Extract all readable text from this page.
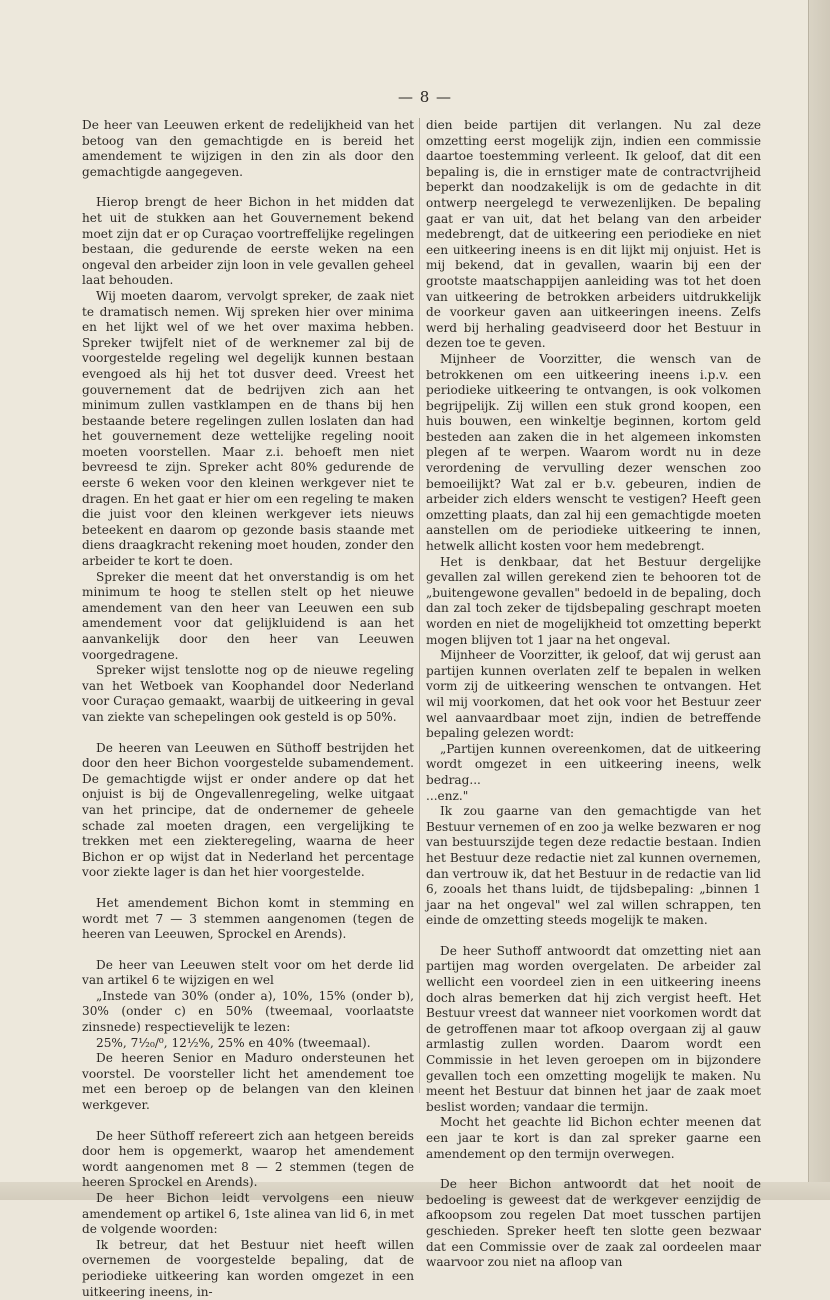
— 8 —

De heer van Leeuwen erkent de redelijkheid van het betoog van den gemachtigde en is bereid het amendement te wijzigen in den zin als door den gemachtigde aangegeven.

Hierop brengt de heer Bichon in het midden dat het uit de stukken aan het Gouvernement bekend moet zijn dat er op Curaçao voortreffelijke regelingen bestaan, die gedurende de eerste weken na een ongeval den arbeider zijn loon in vele gevallen geheel laat behouden.

Wij moeten daarom, vervolgt spreker, de zaak niet te dramatisch nemen. Wij spreken hier over minima en het lijkt wel of we het over maxima hebben. Spreker twijfelt niet of de werknemer zal bij de voorgestelde regeling wel degelijk kunnen bestaan evengoed als hij het tot dusver deed. Vreest het gouvernement dat de bedrijven zich aan het minimum zullen vastklampen en de thans bij hen bestaande betere regelingen zullen loslaten dan had het gouvernement deze wettelijke regeling nooit moeten voorstellen. Maar z.i. behoeft men niet bevreesd te zijn. Spreker acht 80% gedurende de eerste 6 weken voor den kleinen werkgever niet te dragen. En het gaat er hier om een regeling te maken die juist voor den kleinen werkgever iets nieuws beteekent en daarom op gezonde basis staande met diens draagkracht rekening moet houden, zonder den arbeider te kort te doen.

Spreker die meent dat het onverstandig is om het minimum te hoog te stellen stelt op het nieuwe amendement van den heer van Leeuwen een sub amendement voor dat gelijkluidend is aan het aanvankelijk door den heer van Leeuwen voorgedragene.

Spreker wijst tenslotte nog op de nieuwe regeling van het Wetboek van Koophandel door Nederland voor Curaçao gemaakt, waarbij de uitkeering in geval van ziekte van schepelingen ook gesteld is op 50%.

De heeren van Leeuwen en Süthoff bestrijden het door den heer Bichon voorgestelde subamendement. De gemachtigde wijst er onder andere op dat het onjuist is bij de Ongevallenregeling, welke uitgaat van het principe, dat de ondernemer de geheele schade zal moeten dragen, een vergelijking te trekken met een ziekteregeling, waarna de heer Bichon er op wijst dat in Nederland het percentage voor ziekte lager is dan het hier voorgestelde.

Het amendement Bichon komt in stemming en wordt met 7 — 3 stemmen aangenomen (tegen de heeren van Leeuwen, Sprockel en Arends).

De heer van Leeuwen stelt voor om het derde lid van artikel 6 te wijzigen en wel

„Instede van 30% (onder a), 10%, 15% (onder b), 30% (onder c) en 50% (tweemaal, voorlaatste zinsnede) respectievelijk te lezen:

25%, 7½₀/⁰, 12½%, 25% en 40% (tweemaal).

De heeren Senior en Maduro ondersteunen het voorstel. De voorsteller licht het amendement toe met een beroep op de belangen van den kleinen werkgever.

De heer Süthoff refereert zich aan hetgeen bereids door hem is opgemerkt, waarop het amendement wordt aangenomen met 8 — 2 stemmen (tegen de heeren Sprockel en Arends).

De heer Bichon leidt vervolgens een nieuw amendement op artikel 6, 1ste alinea van lid 6, in met de volgende woorden:

Ik betreur, dat het Bestuur niet heeft willen overnemen de voorgestelde bepaling, dat de periodieke uitkeering kan worden omgezet in een uitkeering ineens, in-

dien beide partijen dit verlangen. Nu zal deze omzetting eerst mogelijk zijn, indien een commissie daartoe toestemming verleent. Ik geloof, dat dit een bepaling is, die in ernstiger mate de contractvrijheid beperkt dan noodzakelijk is om de gedachte in dit ontwerp neergelegd te verwezenlijken. De bepaling gaat er van uit, dat het belang van den arbeider medebrengt, dat de uitkeering een periodieke en niet een uitkeering ineens is en dit lijkt mij onjuist. Het is mij bekend, dat in gevallen, waarin bij een der grootste maatschappijen aanleiding was tot het doen van uitkeering de betrokken arbeiders uitdrukkelijk de voorkeur gaven aan uitkeeringen ineens. Zelfs werd bij herhaling geadviseerd door het Bestuur in dezen toe te geven.

Mijnheer de Voorzitter, die wensch van de betrokkenen om een uitkeering ineens i.p.v. een periodieke uitkeering te ontvangen, is ook volkomen begrijpelijk. Zij willen een stuk grond koopen, een huis bouwen, een winkeltje beginnen, kortom geld besteden aan zaken die in het algemeen inkomsten plegen af te werpen. Waarom wordt nu in deze verordening de vervulling dezer wenschen zoo bemoeilijkt? Wat zal er b.v. gebeuren, indien de arbeider zich elders wenscht te vestigen? Heeft geen omzetting plaats, dan zal hij een gemachtigde moeten aanstellen om de periodieke uitkeering te innen, hetwelk allicht kosten voor hem medebrengt.

Het is denkbaar, dat het Bestuur dergelijke gevallen zal willen gerekend zien te behooren tot de „buitengewone gevallen" bedoeld in de bepaling, doch dan zal toch zeker de tijdsbepaling geschrapt moeten worden en niet de mogelijkheid tot omzetting beperkt mogen blijven tot 1 jaar na het ongeval.

Mijnheer de Voorzitter, ik geloof, dat wij gerust aan partijen kunnen overlaten zelf te bepalen in welken vorm zij de uitkeering wenschen te ontvangen. Het wil mij voorkomen, dat het ook voor het Bestuur zeer wel aanvaardbaar moet zijn, indien de betreffende bepaling gelezen wordt:

„Partijen kunnen overeenkomen, dat de uitkeering wordt omgezet in een uitkeering ineens, welk bedrag...

...enz."

Ik zou gaarne van den gemachtigde van het Bestuur vernemen of en zoo ja welke bezwaren er nog van bestuurszijde tegen deze redactie bestaan. Indien het Bestuur deze redactie niet zal kunnen overnemen, dan vertrouw ik, dat het Bestuur in de redactie van lid 6, zooals het thans luidt, de tijdsbepaling: „binnen 1 jaar na het ongeval" wel zal willen schrappen, ten einde de omzetting steeds mogelijk te maken.

De heer Suthoff antwoordt dat omzetting niet aan partijen mag worden overgelaten. De arbeider zal wellicht een voordeel zien in een uitkeering ineens doch alras bemerken dat hij zich vergist heeft. Het Bestuur vreest dat wanneer niet voorkomen wordt dat de getroffenen maar tot afkoop overgaan zij al gauw armlastig zullen worden. Daarom wordt een Commissie in het leven geroepen om in bijzondere gevallen toch een omzetting mogelijk te maken. Nu meent het Bestuur dat binnen het jaar de zaak moet beslist worden; vandaar die termijn.

Mocht het geachte lid Bichon echter meenen dat een jaar te kort is dan zal spreker gaarne een amendement op den termijn overwegen.

De heer Bichon antwoordt dat het nooit de bedoeling is geweest dat de werkgever eenzijdig de afkoopsom zou regelen Dat moet tusschen partijen geschieden. Spreker heeft ten slotte geen bezwaar dat een Commissie over de zaak zal oordeelen maar waarvoor zou niet na afloop van
